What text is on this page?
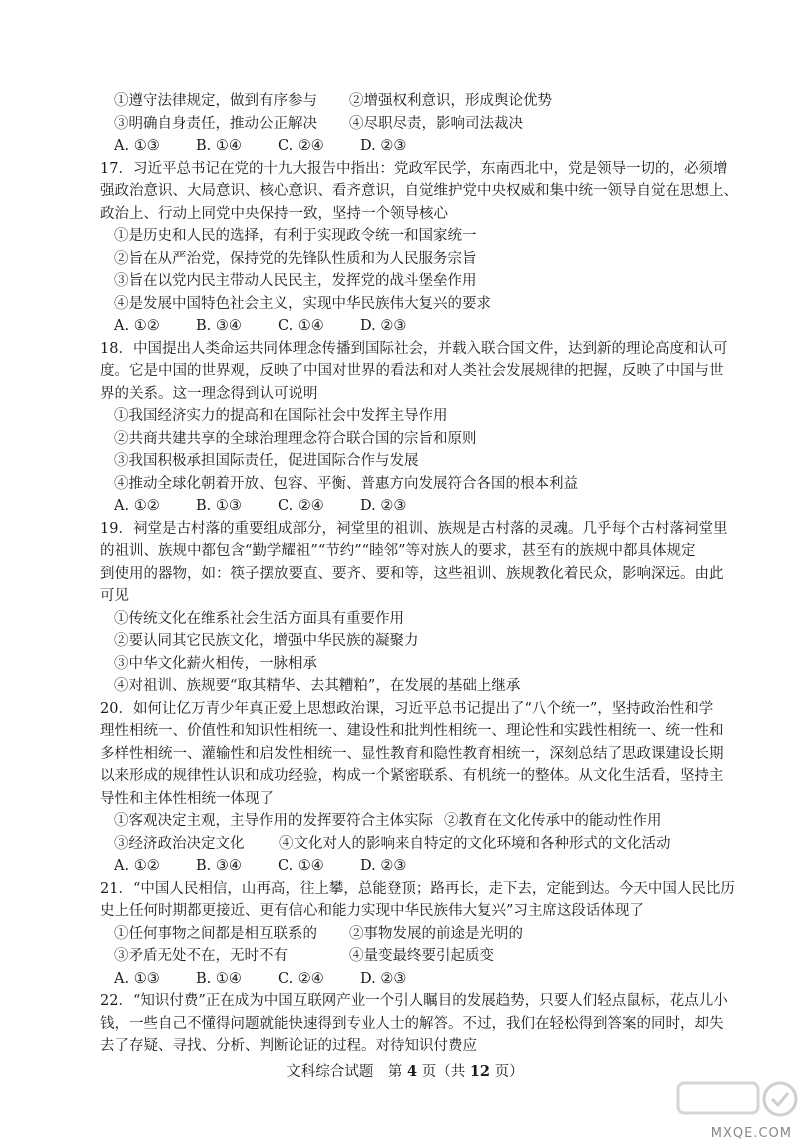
①遵守法律规定，做到有序参与	②增强权利意识，形成舆论优势
③明确自身责任，推动公正解决	④尽职尽责，影响司法裁决
A. ①③	B. ①④	C. ②④	D. ②③
17．习近平总书记在党的十九大报告中指出：党政军民学，东南西北中，党是领导一切的，必须增
强政治意识、大局意识、核心意识、看齐意识，自觉维护党中央权威和集中统一领导自觉在思想上、
政治上、行动上同党中央保持一致，坚持一个领导核心
①是历史和人民的选择，有利于实现政令统一和国家统一
②旨在从严治党，保持党的先锋队性质和为人民服务宗旨
③旨在以党内民主带动人民民主，发挥党的战斗堡垒作用
④是发展中国特色社会主义，实现中华民族伟大复兴的要求
A. ①②	B. ③④	C. ①④	D. ②③
18．中国提出人类命运共同体理念传播到国际社会，并载入联合国文件，达到新的理论高度和认可
度。它是中国的世界观，反映了中国对世界的看法和对人类社会发展规律的把握，反映了中国与世
界的关系。这一理念得到认可说明
①我国经济实力的提高和在国际社会中发挥主导作用
②共商共建共享的全球治理理念符合联合国的宗旨和原则
③我国积极承担国际责任，促进国际合作与发展
④推动全球化朝着开放、包容、平衡、普惠方向发展符合各国的根本利益
A. ①②	B. ①③	C. ②④	D. ②③
19．祠堂是古村落的重要组成部分，祠堂里的祖训、族规是古村落的灵魂。几乎每个古村落祠堂里
的祖训、族规中都包含“勤学耀祖”“节约”“睦邻”等对族人的要求，甚至有的族规中都具体规定
到使用的器物，如：筷子摆放要直、要齐、要和等，这些祖训、族规教化着民众，影响深远。由此
可见
①传统文化在维系社会生活方面具有重要作用
②要认同其它民族文化，增强中华民族的凝聚力
③中华文化薪火相传，一脉相承
④对祖训、族规要“取其精华、去其糟粕”，在发展的基础上继承
20．如何让亿万青少年真正爱上思想政治课，习近平总书记提出了“八个统一”，坚持政治性和学
理性相统一、价值性和知识性相统一、建设性和批判性相统一、理论性和实践性相统一、统一性和
多样性相统一、灌输性和启发性相统一、显性教育和隐性教育相统一，深刻总结了思政课建设长期
以来形成的规律性认识和成功经验，构成一个紧密联系、有机统一的整体。从文化生活看，坚持主
导性和主体性相统一体现了
①客观决定主观，主导作用的发挥要符合主体实际 ②教育在文化传承中的能动性作用
③经济政治决定文化	④文化对人的影响来自特定的文化环境和各种形式的文化活动
A. ①②	B. ③④	C. ①④	D. ②③
21．“中国人民相信，山再高，往上攀，总能登顶；路再长，走下去，定能到达。今天中国人民比历
史上任何时期都更接近、更有信心和能力实现中华民族伟大复兴”习主席这段话体现了
①任何事物之间都是相互联系的	②事物发展的前途是光明的
③矛盾无处不在，无时不有	④量变最终要引起质变
A. ①③	B. ①④	C. ②④	D. ②③
22．“知识付费”正在成为中国互联网产业一个引人瞩目的发展趋势，只要人们轻点鼠标，花点儿小
钱，一些自己不懂得问题就能快速得到专业人士的解答。不过，我们在轻松得到答案的同时，却失
去了存疑、寻找、分析、判断论证的过程。对待知识付费应
文科综合试题　第 4 页（共 12 页）
MXQE.COM
